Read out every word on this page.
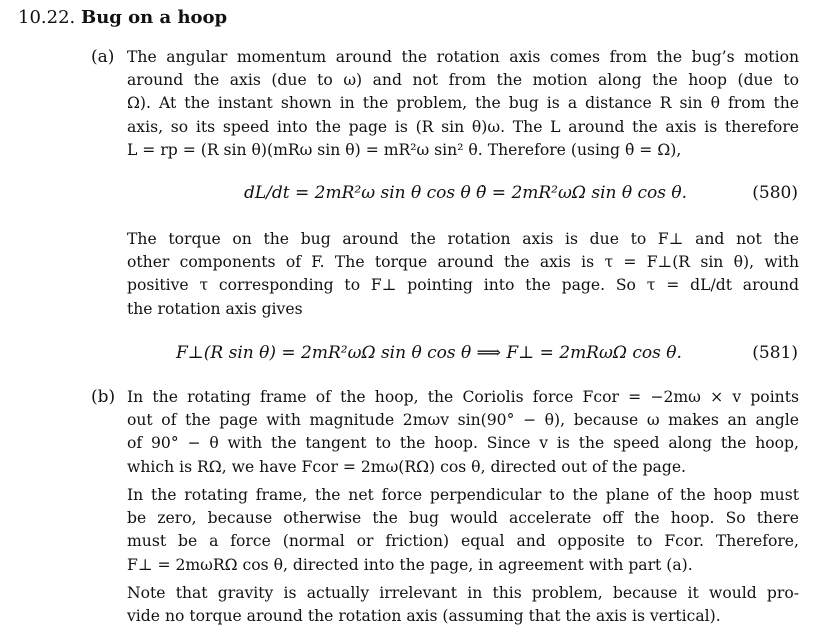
10.22. Bug on a hoop
(a) The angular momentum around the rotation axis comes from the bug’s motion
around the axis (due to ω) and not from the motion along the hoop (due to
Ω). At the instant shown in the problem, the bug is a distance R sin θ from the
axis, so its speed into the page is (R sin θ)ω. The L around the axis is therefore
L = rp = (R sin θ)(mRω sin θ) = mR²ω sin² θ. Therefore (using θ̇ = Ω),
dL/dt = 2mR²ω sin θ cos θ θ̇ = 2mR²ωΩ sin θ cos θ.	(580)
The torque on the bug around the rotation axis is due to F⊥ and not the
other components of F. The torque around the axis is τ = F⊥(R sin θ), with
positive τ corresponding to F⊥ pointing into the page. So τ = dL/dt around
the rotation axis gives
F⊥(R sin θ) = 2mR²ωΩ sin θ cos θ ⟹ F⊥ = 2mRωΩ cos θ.	(581)
(b) In the rotating frame of the hoop, the Coriolis force Fcor = −2mω × v points
out of the page with magnitude 2mωv sin(90° − θ), because ω makes an angle
of 90° − θ with the tangent to the hoop. Since v is the speed along the hoop,
which is RΩ, we have Fcor = 2mω(RΩ) cos θ, directed out of the page.
In the rotating frame, the net force perpendicular to the plane of the hoop must
be zero, because otherwise the bug would accelerate off the hoop. So there
must be a force (normal or friction) equal and opposite to Fcor. Therefore,
F⊥ = 2mωRΩ cos θ, directed into the page, in agreement with part (a).
Note that gravity is actually irrelevant in this problem, because it would pro-
vide no torque around the rotation axis (assuming that the axis is vertical).
